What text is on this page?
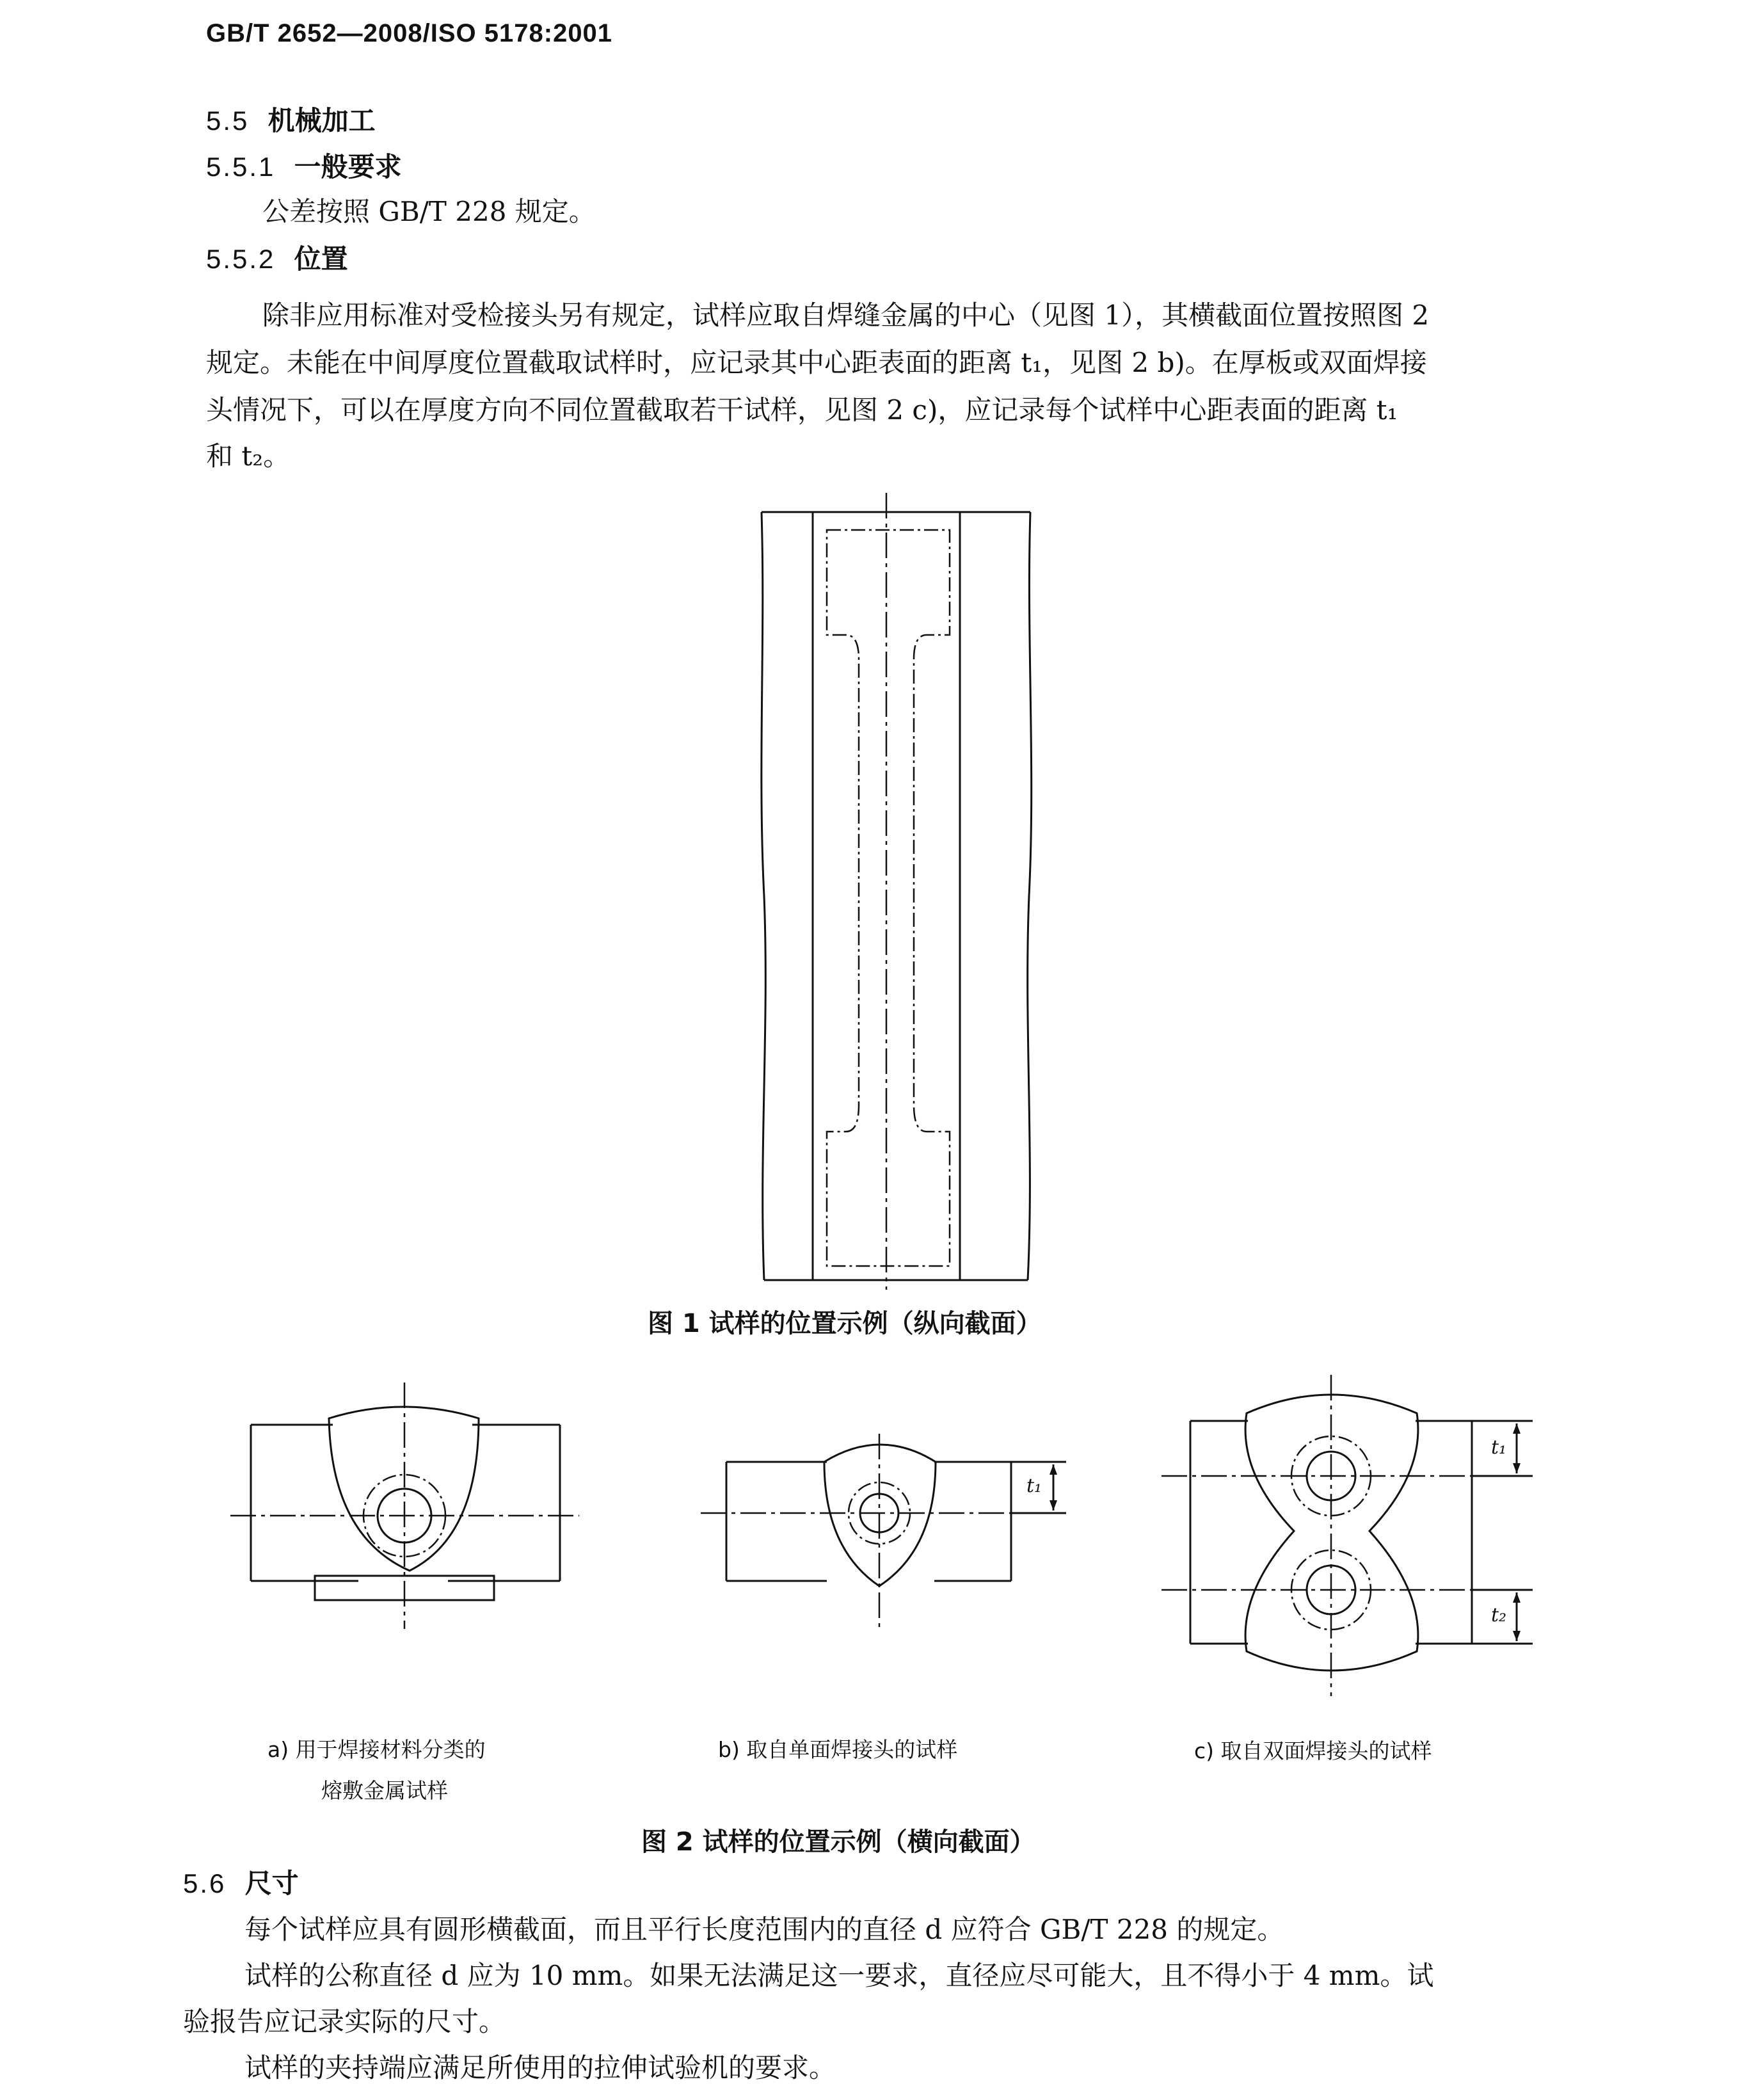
GB/T 2652—2008/ISO 5178:2001
5.5 机械加工
5.5.1 一般要求
公差按照 GB/T 228 规定。
5.5.2 位置
除非应用标准对受检接头另有规定，试样应取自焊缝金属的中心（见图 1），其横截面位置按照图 2
规定。未能在中间厚度位置截取试样时，应记录其中心距表面的距离 t₁，见图 2 b)。在厚板或双面焊接
头情况下，可以在厚度方向不同位置截取若干试样，见图 2 c)，应记录每个试样中心距表面的距离 t₁
和 t₂。
t₁
t₁
t₂
图 1 试样的位置示例（纵向截面）
a) 用于焊接材料分类的
熔敷金属试样
b) 取自单面焊接头的试样	c) 取自双面焊接头的试样
图 2 试样的位置示例（横向截面）
5.6 尺寸
每个试样应具有圆形横截面，而且平行长度范围内的直径 d 应符合 GB/T 228 的规定。
试样的公称直径 d 应为 10 mm。如果无法满足这一要求，直径应尽可能大，且不得小于 4 mm。试
验报告应记录实际的尺寸。
试样的夹持端应满足所使用的拉伸试验机的要求。
